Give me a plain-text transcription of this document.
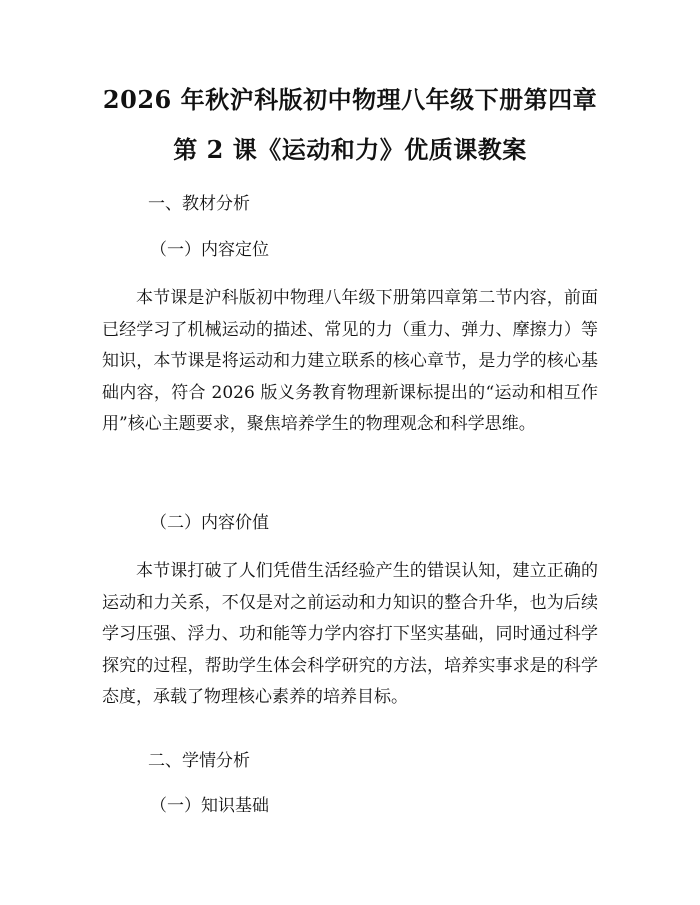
2026 年秋沪科版初中物理八年级下册第四章
第 2 课《运动和力》优质课教案
一、教材分析
（一）内容定位
本节课是沪科版初中物理八年级下册第四章第二节内容，前面已经学习了机械运动的描述、常见的力（重力、弹力、摩擦力）等知识，本节课是将运动和力建立联系的核心章节，是力学的核心基础内容，符合 2026 版义务教育物理新课标提出的“运动和相互作用”核心主题要求，聚焦培养学生的物理观念和科学思维。
（二）内容价值
本节课打破了人们凭借生活经验产生的错误认知，建立正确的运动和力关系，不仅是对之前运动和力知识的整合升华，也为后续学习压强、浮力、功和能等力学内容打下坚实基础，同时通过科学探究的过程，帮助学生体会科学研究的方法，培养实事求是的科学态度，承载了物理核心素养的培养目标。
二、学情分析
（一）知识基础
